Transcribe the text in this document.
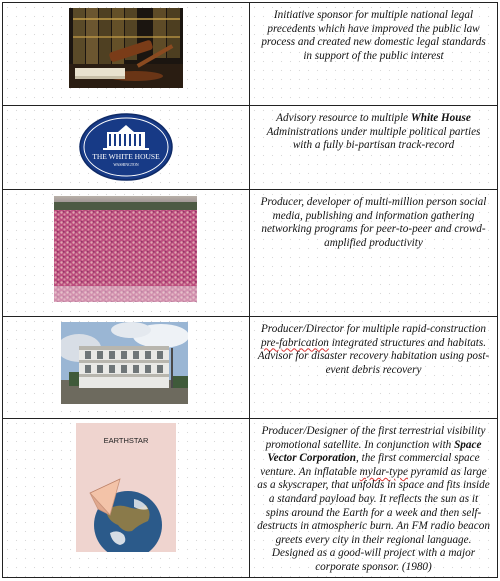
Initiative sponsor for multiple national legal precedents which have improved the public law process and created new domestic legal standards in support of the public interest

THE WHITE HOUSE
WASHINGTON

Advisory resource to multiple White House Administrations under multiple political parties with a fully bi-partisan track-record

Producer, developer of multi-million person social media, publishing and information gathering networking programs for peer-to-peer and crowd-amplified productivity

Producer/Director for multiple rapid-construction pre-fabrication integrated structures and habitats. Advisor for disaster recovery habitation using post-event debris recovery

EARTHSTAR

Producer/Designer of the first terrestrial visibility promotional satellite. In conjunction with Space Vector Corporation, the first commercial space venture. An inflatable mylar-type pyramid as large as a skyscraper, that unfolds in space and fits inside a standard payload bay. It reflects the sun as it spins around the Earth for a week and then self-destructs in atmospheric burn. An FM radio beacon greets every city in their regional language. Designed as a good-will project with a major corporate sponsor. (1980)
